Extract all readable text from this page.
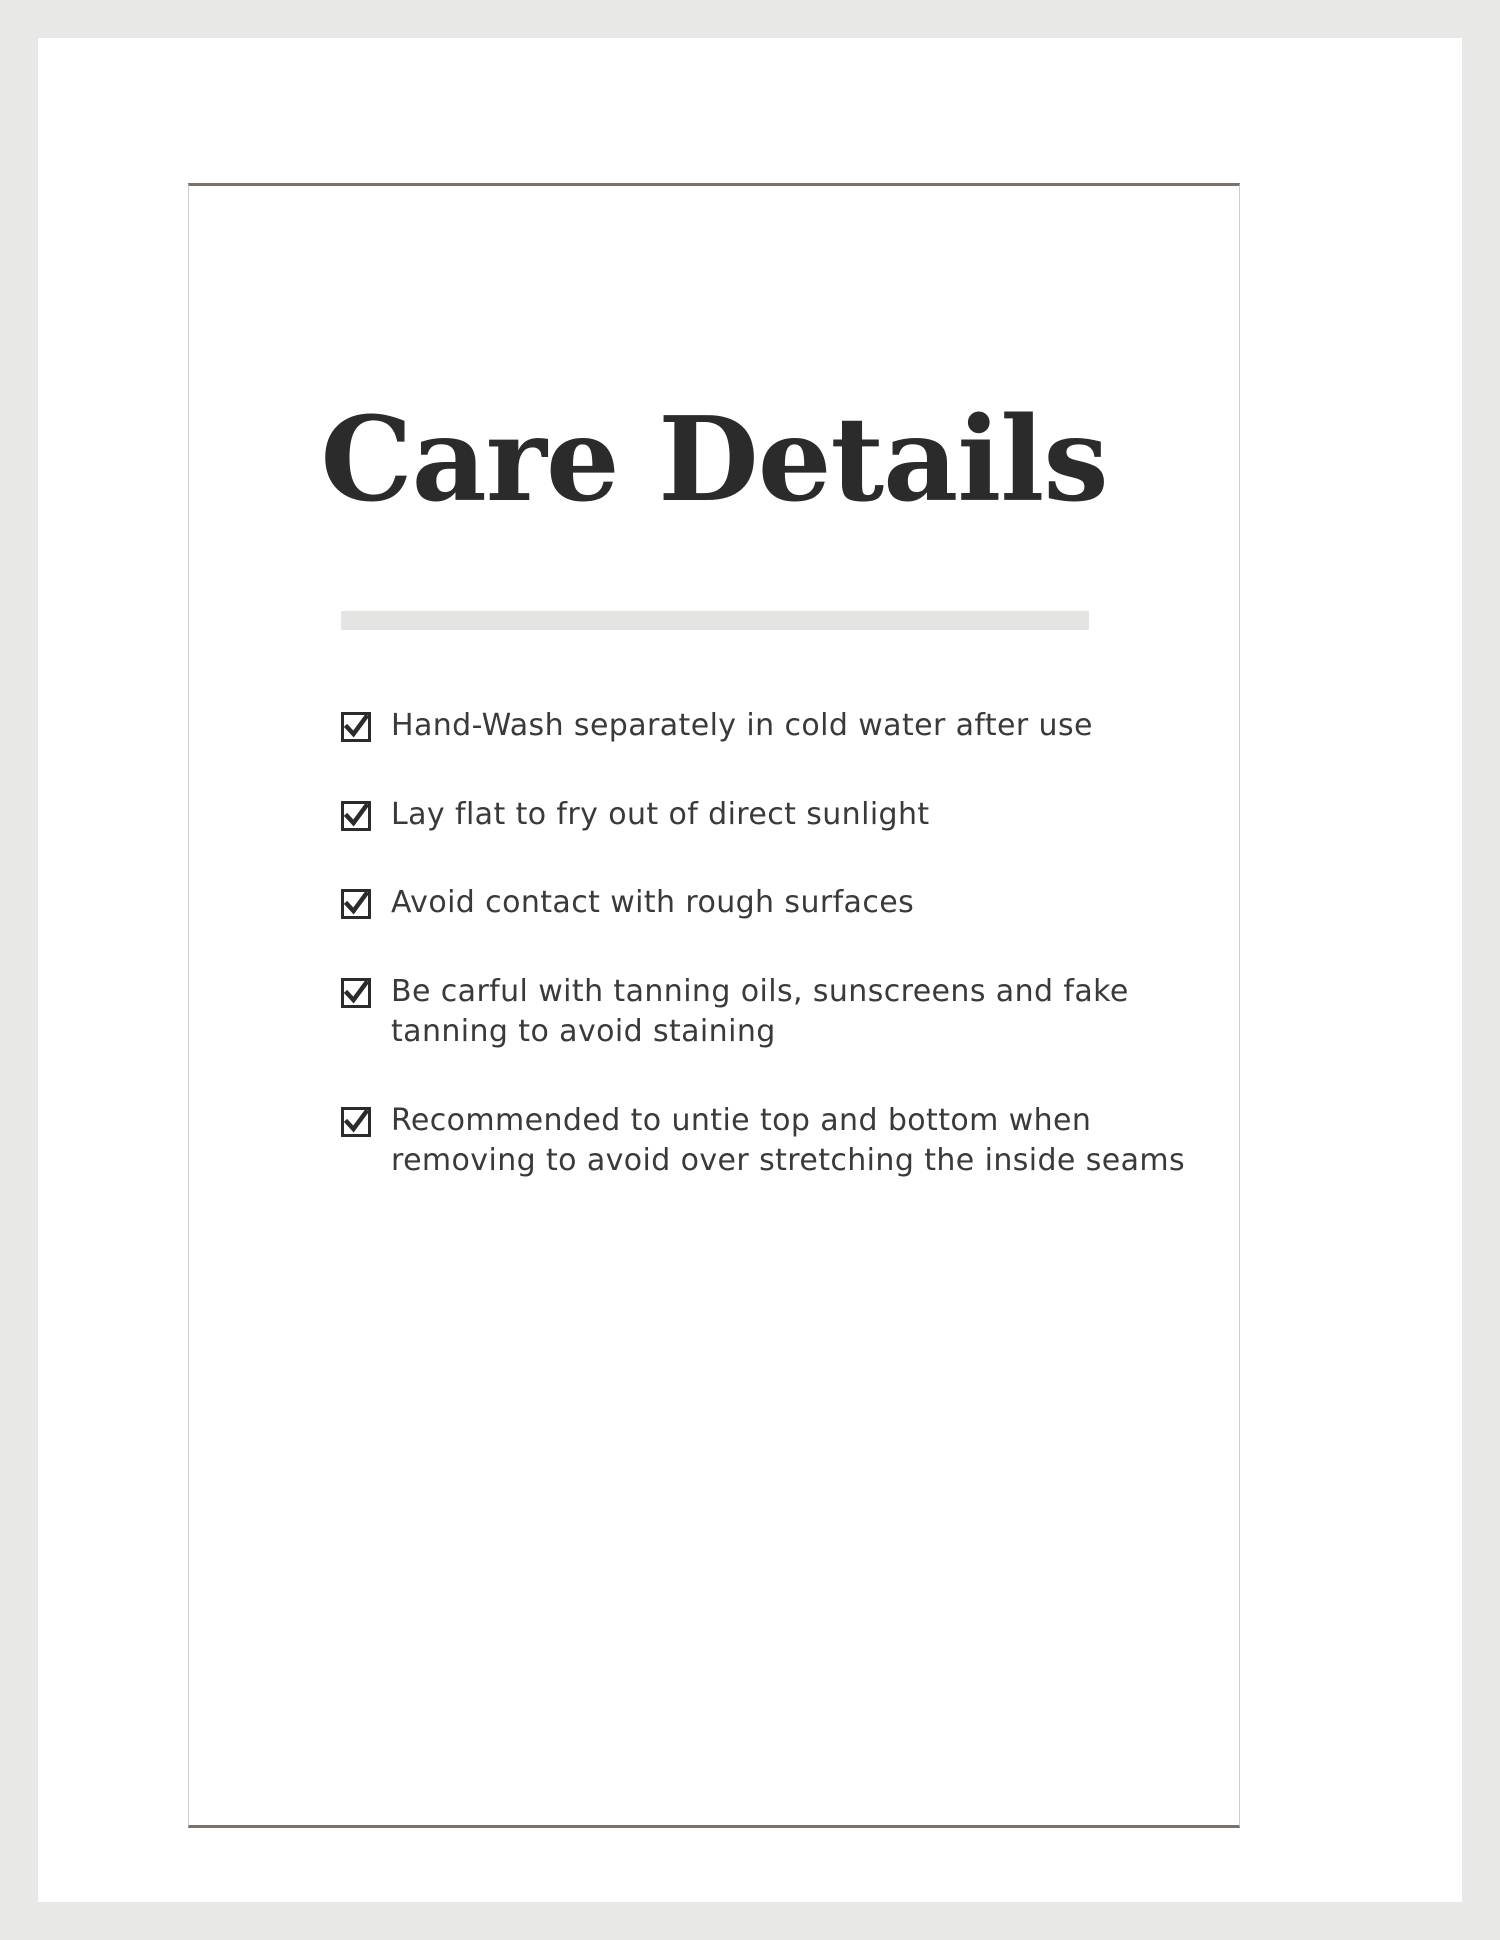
Care Details
Hand-Wash separately in cold water after use
Lay flat to fry out of direct sunlight
Avoid contact with rough surfaces
Be carful with tanning oils, sunscreens and fake tanning to avoid staining
Recommended to untie top and bottom when removing to avoid over stretching the inside seams
